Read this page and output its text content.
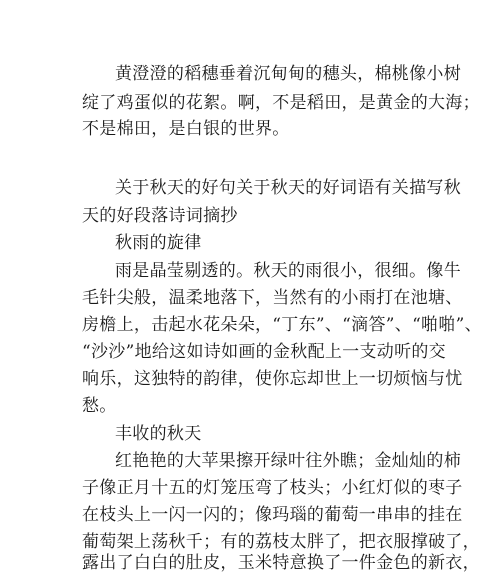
黄澄澄的稻穗垂着沉甸甸的穗头，棉桃像小树
绽了鸡蛋似的花絮。啊，不是稻田，是黄金的大海；
不是棉田，是白银的世界。
关于秋天的好句关于秋天的好词语有关描写秋
天的好段落诗词摘抄
秋雨的旋律
雨是晶莹剔透的。秋天的雨很小，很细。像牛
毛针尖般，温柔地落下，当然有的小雨打在池塘、
房檐上，击起水花朵朵，“丁东”、“滴答”、“啪啪”、
“沙沙”地给这如诗如画的金秋配上一支动听的交
响乐，这独特的韵律，使你忘却世上一切烦恼与忧
愁。
丰收的秋天
红艳艳的大苹果擦开绿叶往外瞧；金灿灿的柿
子像正月十五的灯笼压弯了枝头；小红灯似的枣子
在枝头上一闪一闪的；像玛瑙的葡萄一串串的挂在
葡萄架上荡秋千；有的荔枝太胖了，把衣服撑破了，
露出了白白的肚皮，玉米特意换了一件金色的新衣，
